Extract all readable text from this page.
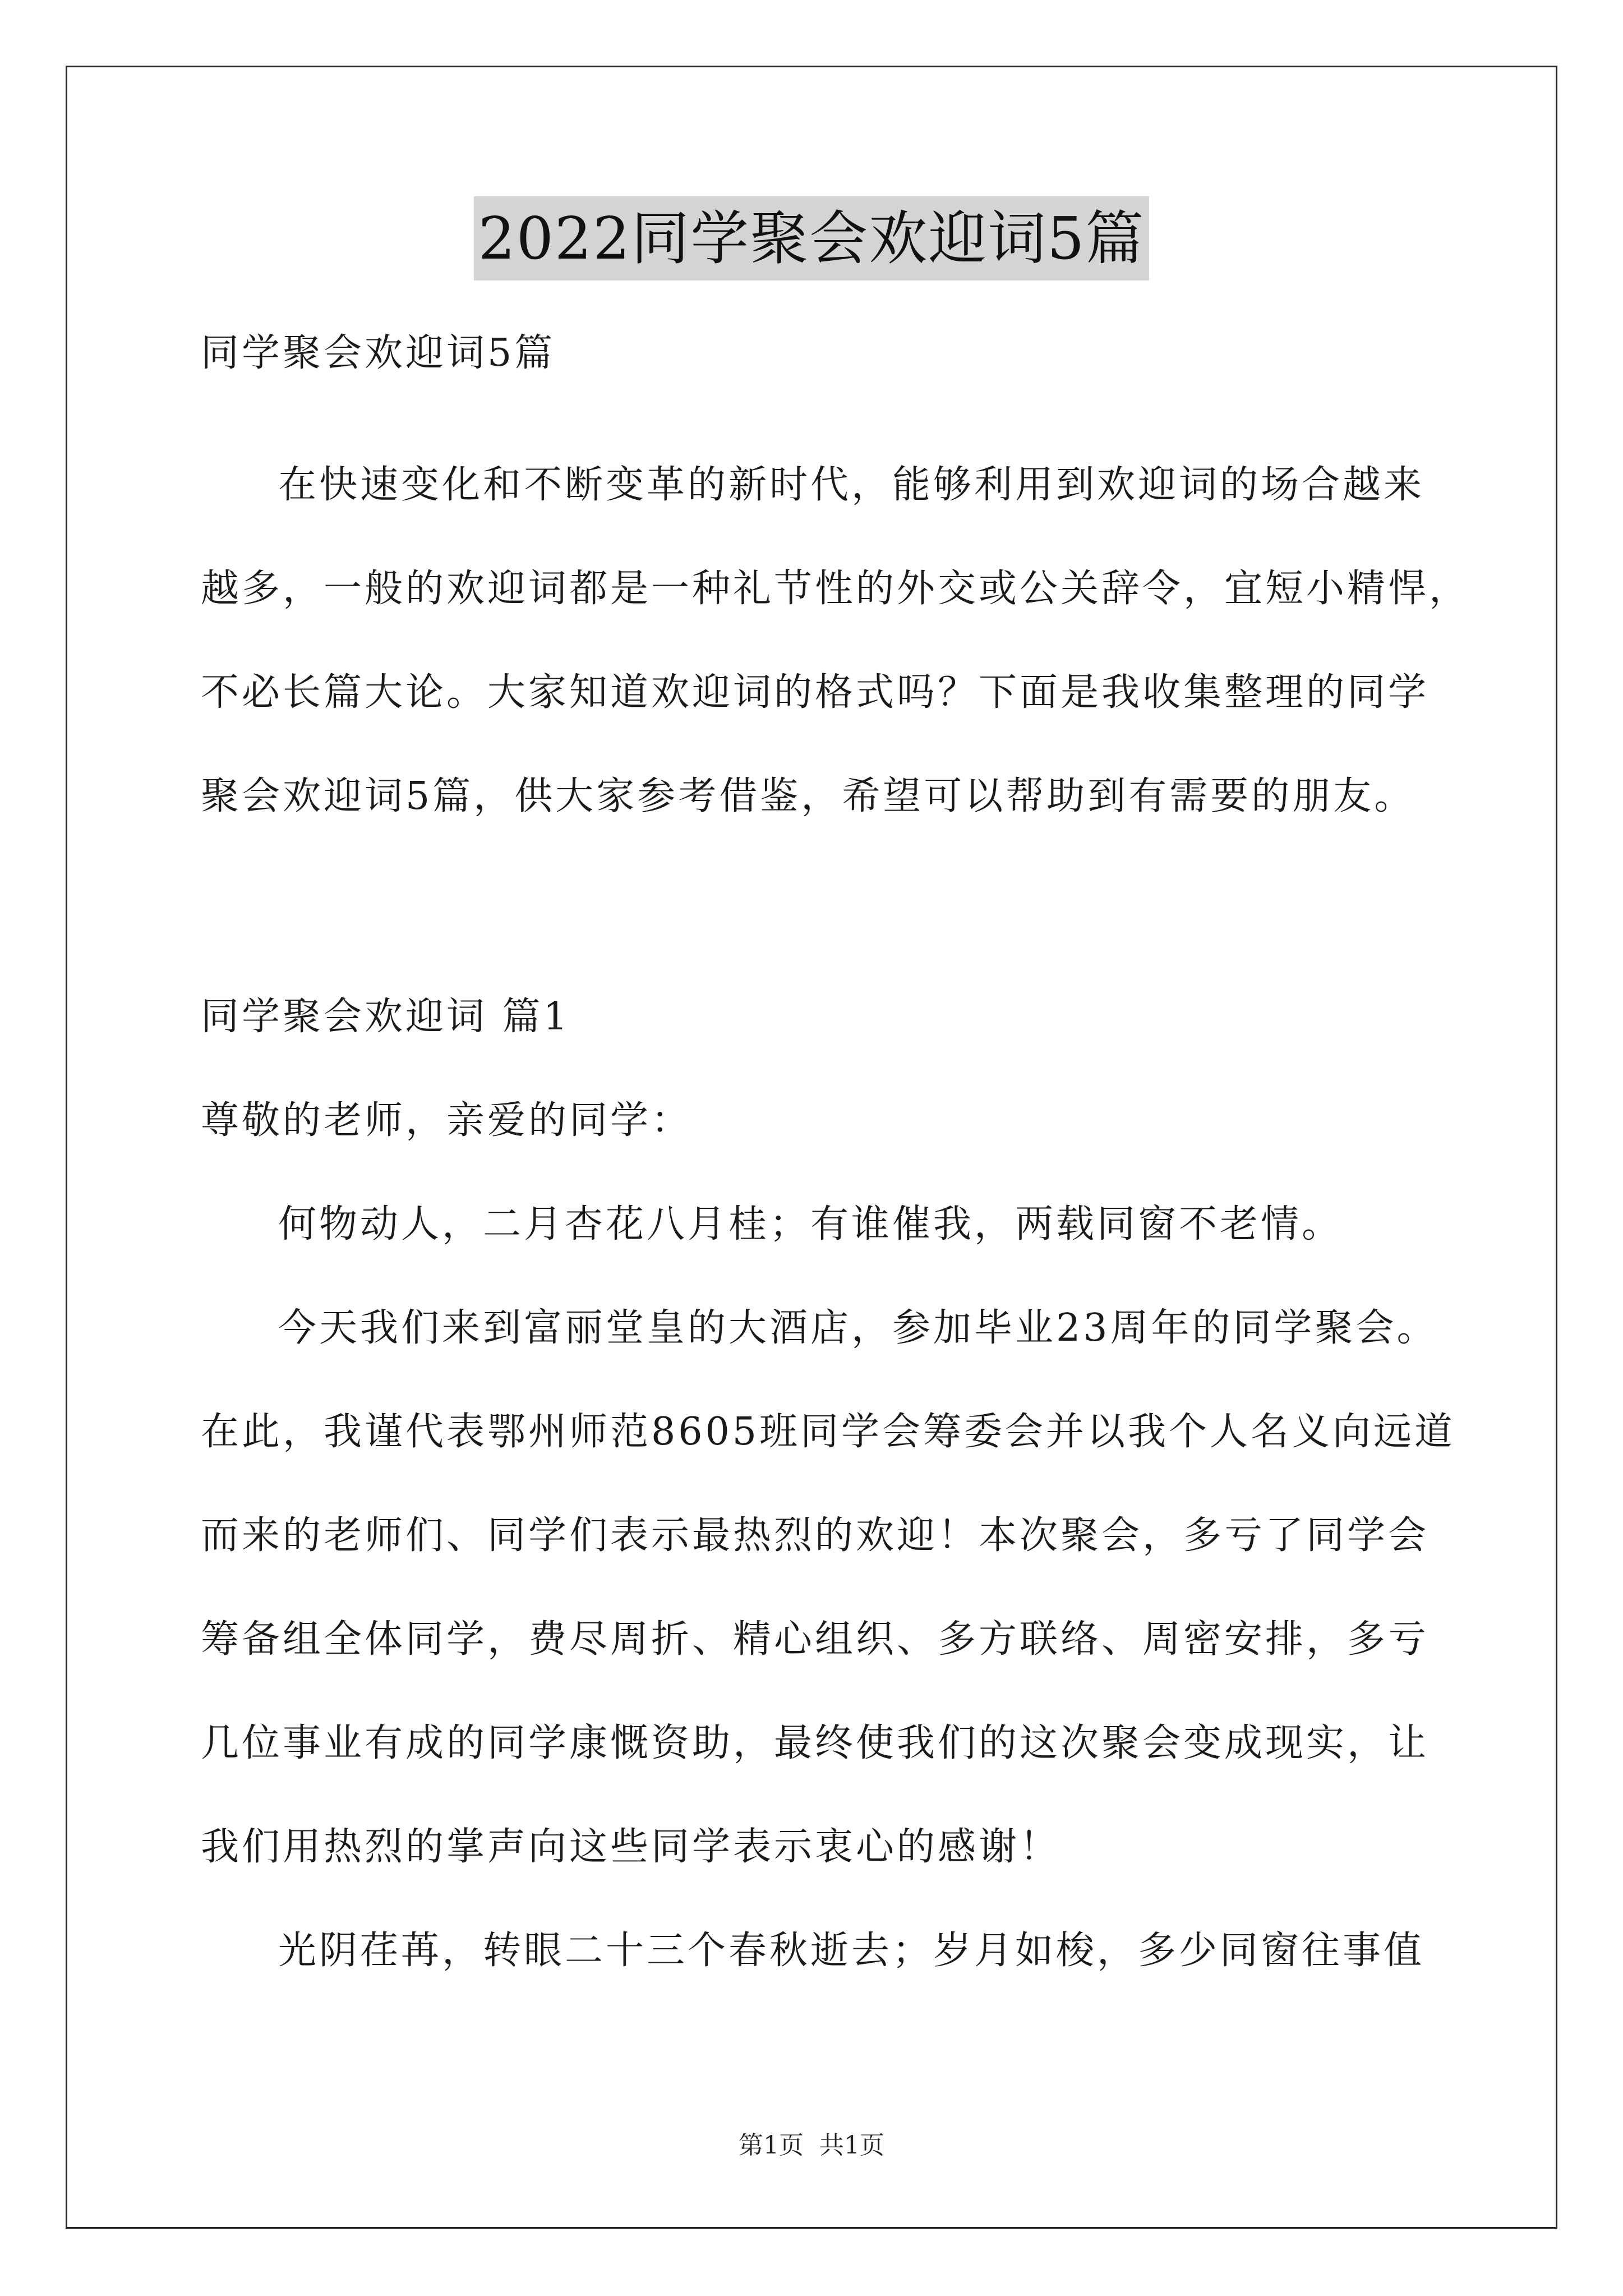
2022同学聚会欢迎词5篇
同学聚会欢迎词5篇
在快速变化和不断变革的新时代，能够利用到欢迎词的场合越来
越多，一般的欢迎词都是一种礼节性的外交或公关辞令，宜短小精悍，
不必长篇大论。大家知道欢迎词的格式吗？下面是我收集整理的同学
聚会欢迎词5篇，供大家参考借鉴，希望可以帮助到有需要的朋友。
同学聚会欢迎词 篇1
尊敬的老师，亲爱的同学：
何物动人，二月杏花八月桂；有谁催我，两载同窗不老情。
今天我们来到富丽堂皇的大酒店，参加毕业23周年的同学聚会。
在此，我谨代表鄂州师范8605班同学会筹委会并以我个人名义向远道
而来的老师们、同学们表示最热烈的欢迎！本次聚会，多亏了同学会
筹备组全体同学，费尽周折、精心组织、多方联络、周密安排，多亏
几位事业有成的同学康慨资助，最终使我们的这次聚会变成现实，让
我们用热烈的掌声向这些同学表示衷心的感谢！
光阴荏苒，转眼二十三个春秋逝去；岁月如梭，多少同窗往事值
第1页 共1页
